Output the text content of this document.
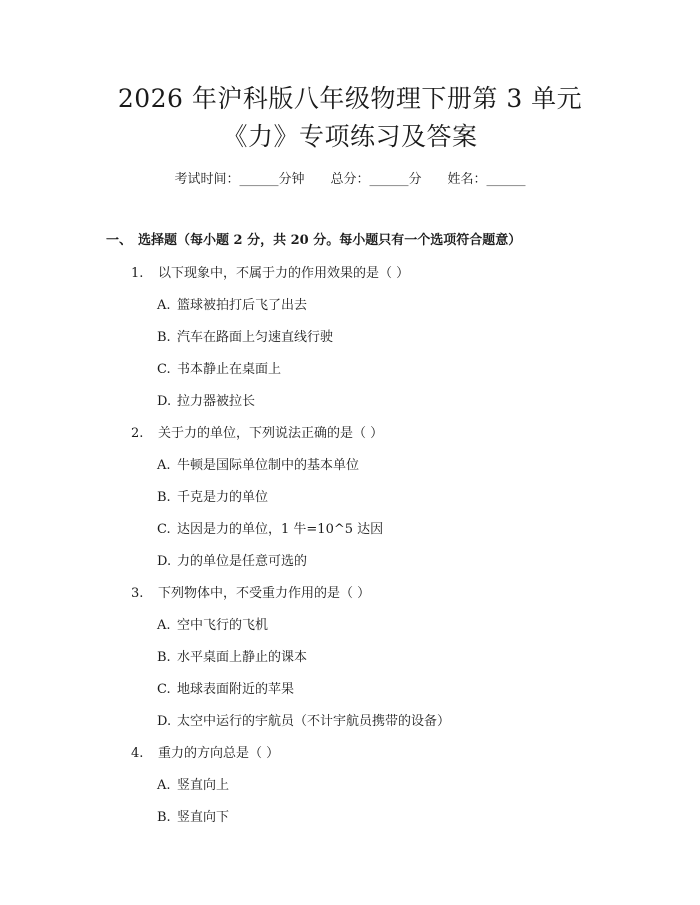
2026 年沪科版八年级物理下册第 3 单元
《力》专项练习及答案
考试时间：______分钟 总分：______分 姓名：______
一、 选择题（每小题 2 分，共 20 分。每小题只有一个选项符合题意）
1. 以下现象中，不属于力的作用效果的是（ ）
A. 篮球被拍打后飞了出去
B. 汽车在路面上匀速直线行驶
C. 书本静止在桌面上
D. 拉力器被拉长
2. 关于力的单位，下列说法正确的是（ ）
A. 牛顿是国际单位制中的基本单位
B. 千克是力的单位
C. 达因是力的单位，1 牛=10^5 达因
D. 力的单位是任意可选的
3. 下列物体中，不受重力作用的是（ ）
A. 空中飞行的飞机
B. 水平桌面上静止的课本
C. 地球表面附近的苹果
D. 太空中运行的宇航员（不计宇航员携带的设备）
4. 重力的方向总是（ ）
A. 竖直向上
B. 竖直向下
